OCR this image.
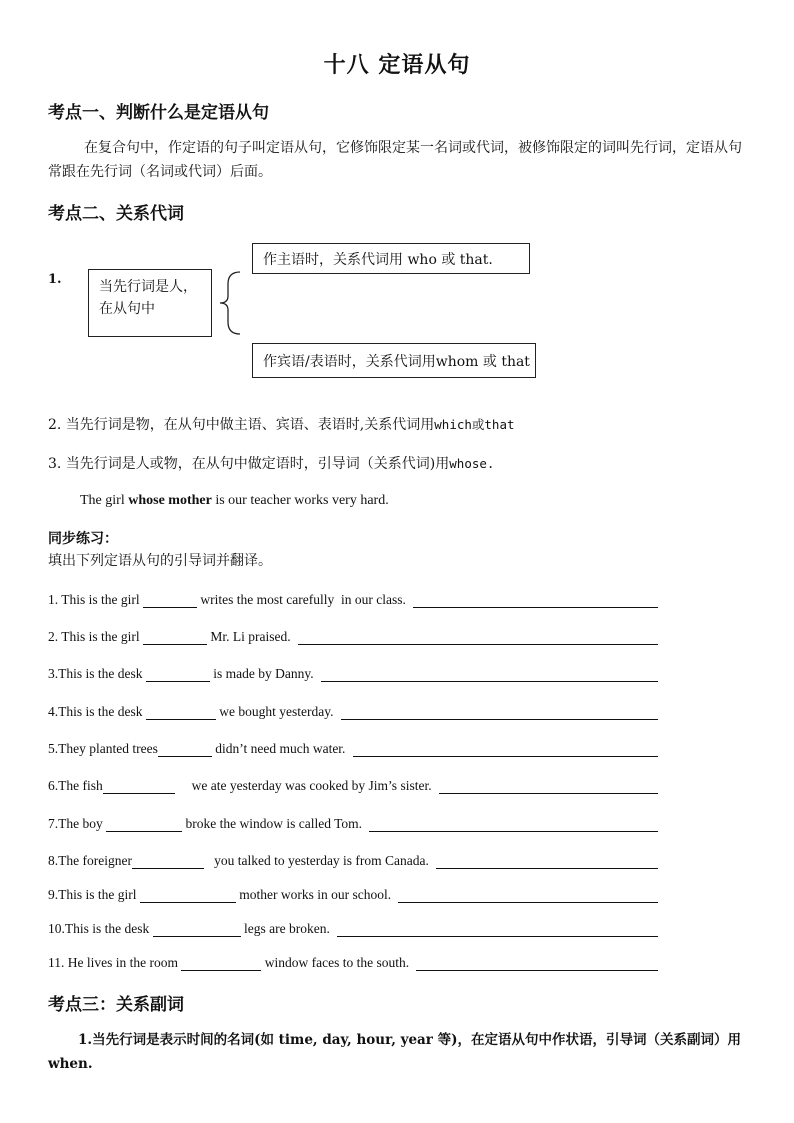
十八 定语从句
考点一、判断什么是定语从句
在复合句中，作定语的句子叫定语从句，它修饰限定某一名词或代词，被修饰限定的词叫先行词，定语从句常跟在先行词（名词或代词）后面。
考点二、关系代词
1.	当先行词是人，
在从句中
作主语时，关系代词用 who 或 that.
作宾语/表语时，关系代词用whom 或 that
2. 当先行词是物，在从句中做主语、宾语、表语时,关系代词用which或that
3. 当先行词是人或物，在从句中做定语时，引导词（关系代词)用whose.
The girl whose mother is our teacher works very hard.
同步练习：
填出下列定语从句的引导词并翻译。
1. This is the girl	writes the most carefully  in our class.
2. This is the girl	Mr. Li praised.
3.This is the desk	is made by Danny.
4.This is the desk	we bought yesterday.
5.They planted trees	didn’t need much water.
6.The fish	we ate yesterday was cooked by Jim’s sister.
7.The boy	broke the window is called Tom.
8.The foreigner	you talked to yesterday is from Canada.
9.This is the girl	mother works in our school.
10.This is the desk	legs are broken.
11. He lives in the room	window faces to the south.
考点三：关系副词
1.当先行词是表示时间的名词(如 time, day, hour, year 等)，在定语从句中作状语，引导词（关系副词）用when.
